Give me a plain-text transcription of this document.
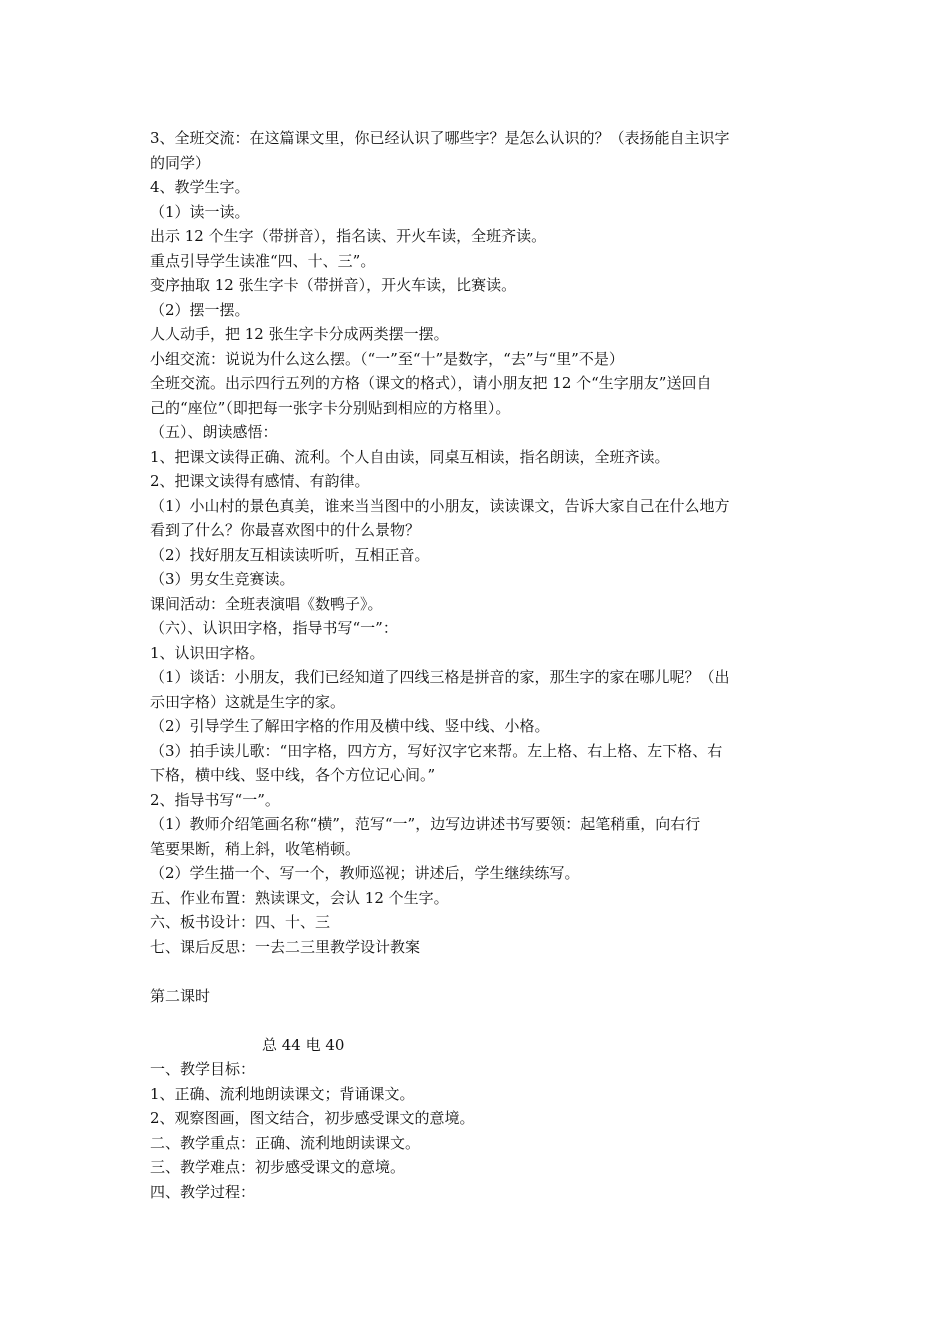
3、全班交流：在这篇课文里，你已经认识了哪些字？是怎么认识的？（表扬能自主识字

的同学）

4、教学生字。

（1）读一读。

出示 12 个生字（带拼音），指名读、开火车读，全班齐读。

重点引导学生读准“四、十、三”。

变序抽取 12 张生字卡（带拼音），开火车读，比赛读。

（2）摆一摆。

人人动手，把 12 张生字卡分成两类摆一摆。

小组交流：说说为什么这么摆。（“一”至“十”是数字，“去”与“里”不是）

全班交流。出示四行五列的方格（课文的格式），请小朋友把 12 个“生字朋友”送回自

己的“座位”（即把每一张字卡分别贴到相应的方格里）。

（五）、朗读感悟：

1、把课文读得正确、流利。个人自由读，同桌互相读，指名朗读，全班齐读。

2、把课文读得有感情、有韵律。

（1）小山村的景色真美，谁来当当图中的小朋友，读读课文，告诉大家自己在什么地方

看到了什么？你最喜欢图中的什么景物？

（2）找好朋友互相读读听听，互相正音。

（3）男女生竞赛读。

课间活动：全班表演唱《数鸭子》。

（六）、认识田字格，指导书写“一”：

1、认识田字格。

（1）谈话：小朋友，我们已经知道了四线三格是拼音的家，那生字的家在哪儿呢？（出

示田字格）这就是生字的家。

（2）引导学生了解田字格的作用及横中线、竖中线、小格。

（3）拍手读儿歌：“田字格，四方方，写好汉字它来帮。左上格、右上格、左下格、右

下格，横中线、竖中线，各个方位记心间。”

2、指导书写“一”。

（1）教师介绍笔画名称“横”，范写“一”，边写边讲述书写要领：起笔稍重，向右行

笔要果断，稍上斜，收笔梢顿。

（2）学生描一个、写一个，教师巡视；讲述后，学生继续练写。

五、作业布置：熟读课文，会认 12 个生字。

六、板书设计：四、十、三

七、课后反思：一去二三里教学设计教案

第二课时

总 44 电 40

一、教学目标：

1、正确、流利地朗读课文；背诵课文。

2、观察图画，图文结合，初步感受课文的意境。

二、教学重点：正确、流利地朗读课文。

三、教学难点：初步感受课文的意境。

四、教学过程：
